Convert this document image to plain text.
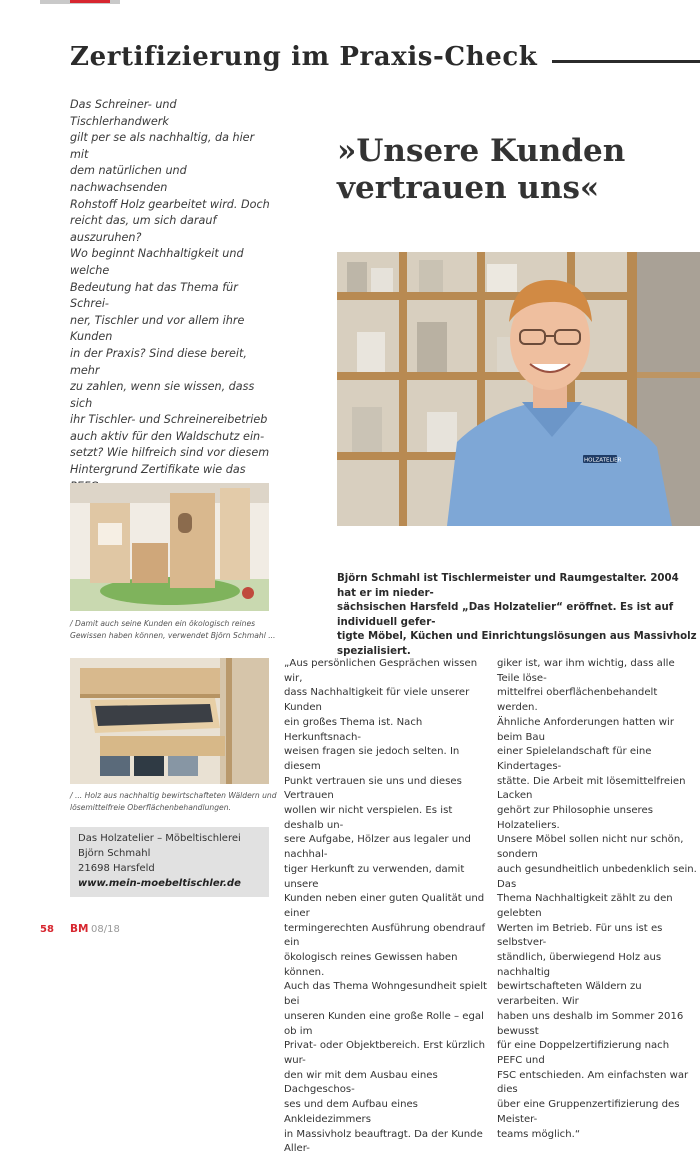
Zertifizierung im Praxis-Check
Das Schreiner- und Tischlerhandwerk
gilt per se als nachhaltig, da hier mit
dem natürlichen und nachwachsenden
Rohstoff Holz gearbeitet wird. Doch
reicht das, um sich darauf auszuruhen?
Wo beginnt Nachhaltigkeit und welche
Bedeutung hat das Thema für Schrei-
ner, Tischler und vor allem ihre Kunden
in der Praxis? Sind diese bereit, mehr
zu zahlen, wenn sie wissen, dass sich
ihr Tischler- und Schreinereibetrieb
auch aktiv für den Waldschutz ein-
setzt? Wie hilfreich sind vor diesem
Hintergrund Zertifikate wie das

»Unsere Kunden
vertrauen uns«
HOLZATELIER
Björn Schmahl ist Tischlermeister und Raumgestalter. 2004 hat er im nieder-
sächsischen Harsfeld „Das Holzatelier“ eröffnet. Es ist auf individuell gefer-
tigte Möbel, Küchen und Einrichtungslösungen aus Massivholz spezialisiert.
/ Damit auch seine Kunden ein ökologisch reines
Gewissen haben können, verwendet Björn Schmahl ...
/ ... Holz aus nachhaltig bewirtschafteten Wäldern und
lösemittelfreie Oberflächenbehandlungen.
Das Holzatelier – Möbeltischlerei
Björn Schmahl
21698 Harsfeld
www.mein-moebeltischler.de
„Aus persönlichen Gesprächen wissen wir,
dass Nachhaltigkeit für viele unserer Kunden
ein großes Thema ist. Nach Herkunftsnach-
weisen fragen sie jedoch selten. In diesem
Punkt vertrauen sie uns und dieses Vertrauen
wollen wir nicht verspielen. Es ist deshalb un-
sere Aufgabe, Hölzer aus legaler und nachhal-
tiger Herkunft zu verwenden, damit unsere
Kunden neben einer guten Qualität und einer
termingerechten Ausführung obendrauf ein
ökologisch reines Gewissen haben können.
Auch das Thema Wohngesundheit spielt bei
unseren Kunden eine große Rolle – egal ob im
Privat- oder Objektbereich. Erst kürzlich wur-
den wir mit dem Ausbau eines Dachgeschos-
ses und dem Aufbau eines Ankleidezimmers
in Massivholz beauftragt. Da der Kunde Aller-
giker ist, war ihm wichtig, dass alle Teile löse-
mittelfrei oberflächenbehandelt werden.
Ähnliche Anforderungen hatten wir beim Bau
einer Spielelandschaft für eine Kindertages-
stätte. Die Arbeit mit lösemittelfreien Lacken
gehört zur Philosophie unseres Holzateliers.
Unsere Möbel sollen nicht nur schön, sondern
auch gesundheitlich unbedenklich sein. Das
Thema Nachhaltigkeit zählt zu den gelebten
Werten im Betrieb. Für uns ist es selbstver-
ständlich, überwiegend Holz aus nachhaltig
bewirtschafteten Wäldern zu verarbeiten. Wir
haben uns deshalb im Sommer 2016 bewusst
für eine Doppelzertifizierung nach PEFC und
FSC entschieden. Am einfachsten war dies
über eine Gruppenzertifizierung des Meister-
teams möglich.“
58 BM 08/18
